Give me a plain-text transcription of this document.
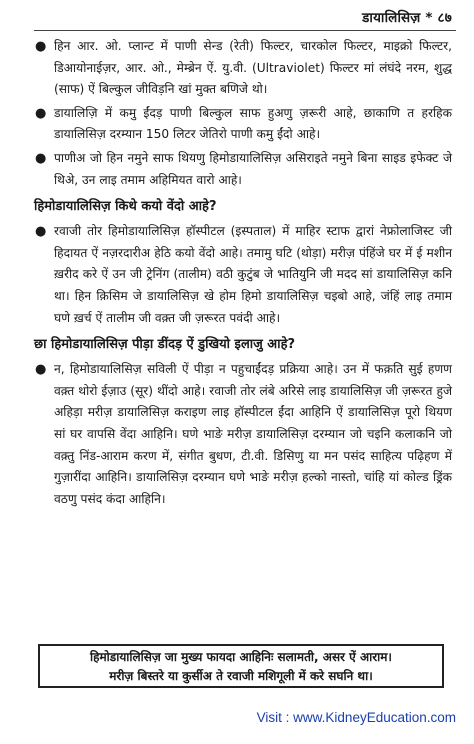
डायालिसिज़ * ८७
● हिन आर. ओ. प्लान्ट में पाणी सेन्ड (रेती) फिल्टर, चारकोल फिल्टर, माइक्रो फिल्टर, डिआयोनाईज़र, आर. ओ., मेम्ब्रेन ऐं. यु.वी. (Ultraviolet) फिल्टर मां लंघंदे नरम, शुद्ध (साफ) ऐं बिल्कुल जीविड़नि खां मुक्त बणिजे थो।
● डायालिज़ि में कमु ईंदड़ पाणी बिल्कुल साफ हुअणु ज़रूरी आहे, छाकाणि त हरहिक डायालिसिज़ दरम्यान 150 लिटर जेतिरो पाणी कमु ईंदो आहे।
● पाणीअ जो हिन नमुने साफ थियणु हिमोडायालिसिज़ असिराइते नमुने बिना साइड इफेक्ट जे थिअे, उन लाइ तमाम अहिमियत वारो आहे।
हिमोडायालिसिज़ किथे कयो वेंदो आहे?
● रवाजी तोर हिमोडायालिसिज़ हॉस्पीटल (इस्पताल) में माहिर स्टाफ द्वारां नेफ्रोलाजिस्ट जी हिदायत ऐं नज़रदारीअ हेठि कयो वेंदो आहे। तमामु घटि (थोड़ा) मरीज़ पंहिंजे घर में ई मशीन ख़रीद करे ऐं उन जी ट्रेनिंग (तालीम) वठी कुटुंब जे भातियुनि जी मदद सां डायालिसिज़ कनि था। हिन क़िसिम जे डायालिसिज़ खे होम हिमो डायालिसिज़ चइबो आहे, जंहिं लाइ तमाम घणे ख़र्च ऐं तालीम जी वक़्त जी ज़रूरत पवंदी आहे।
छा हिमोडायालिसिज़ पीड़ा डींदड़ ऐं डुखियो इलाजु आहे?
● न, हिमोडायालिसिज़ सविली ऐं पीड़ा न पहुचाईंदड़ प्रक्रिया आहे। उन में फक़ति सुई हणण वक़्त थोरो ईज़ाउ (सूर) थींदो आहे। रवाजी तोर लंबे अरिसे लाइ डायालिसिज़ जी ज़रूरत हुजे अहिड़ा मरीज़ डायालिसिज़ कराइण लाइ हॉस्पीटल ईंदा आहिनि ऐं डायालिसिज़ पूरो थियण सां घर वापसि वेंदा आहिनि। घणे भाङे मरीज़ डायालिसिज़ दरम्यान जो चइनि कलाकनि जो वक़्तु निंड-आराम करण में, संगीत बुधण, टी.वी. डिसिणु या मन पसंद साहित्य पढ़िहण में गुज़ारींदा आहिनि। डायालिसिज़ दरम्यान घणे भाङे मरीज़ हल्को नास्तो, चांहि यां कोल्ड ड्रिंक वठणु पसंद कंदा आहिनि।
हिमोडायालिसिज़ जा मुख्य फायदा आहिनिः सलामती, असर ऐं आराम।
मरीज़ बिस्तरे या कुर्सीअ ते रवाजी मशिगूली में करे सघनि था।
Visit : www.KidneyEducation.com
